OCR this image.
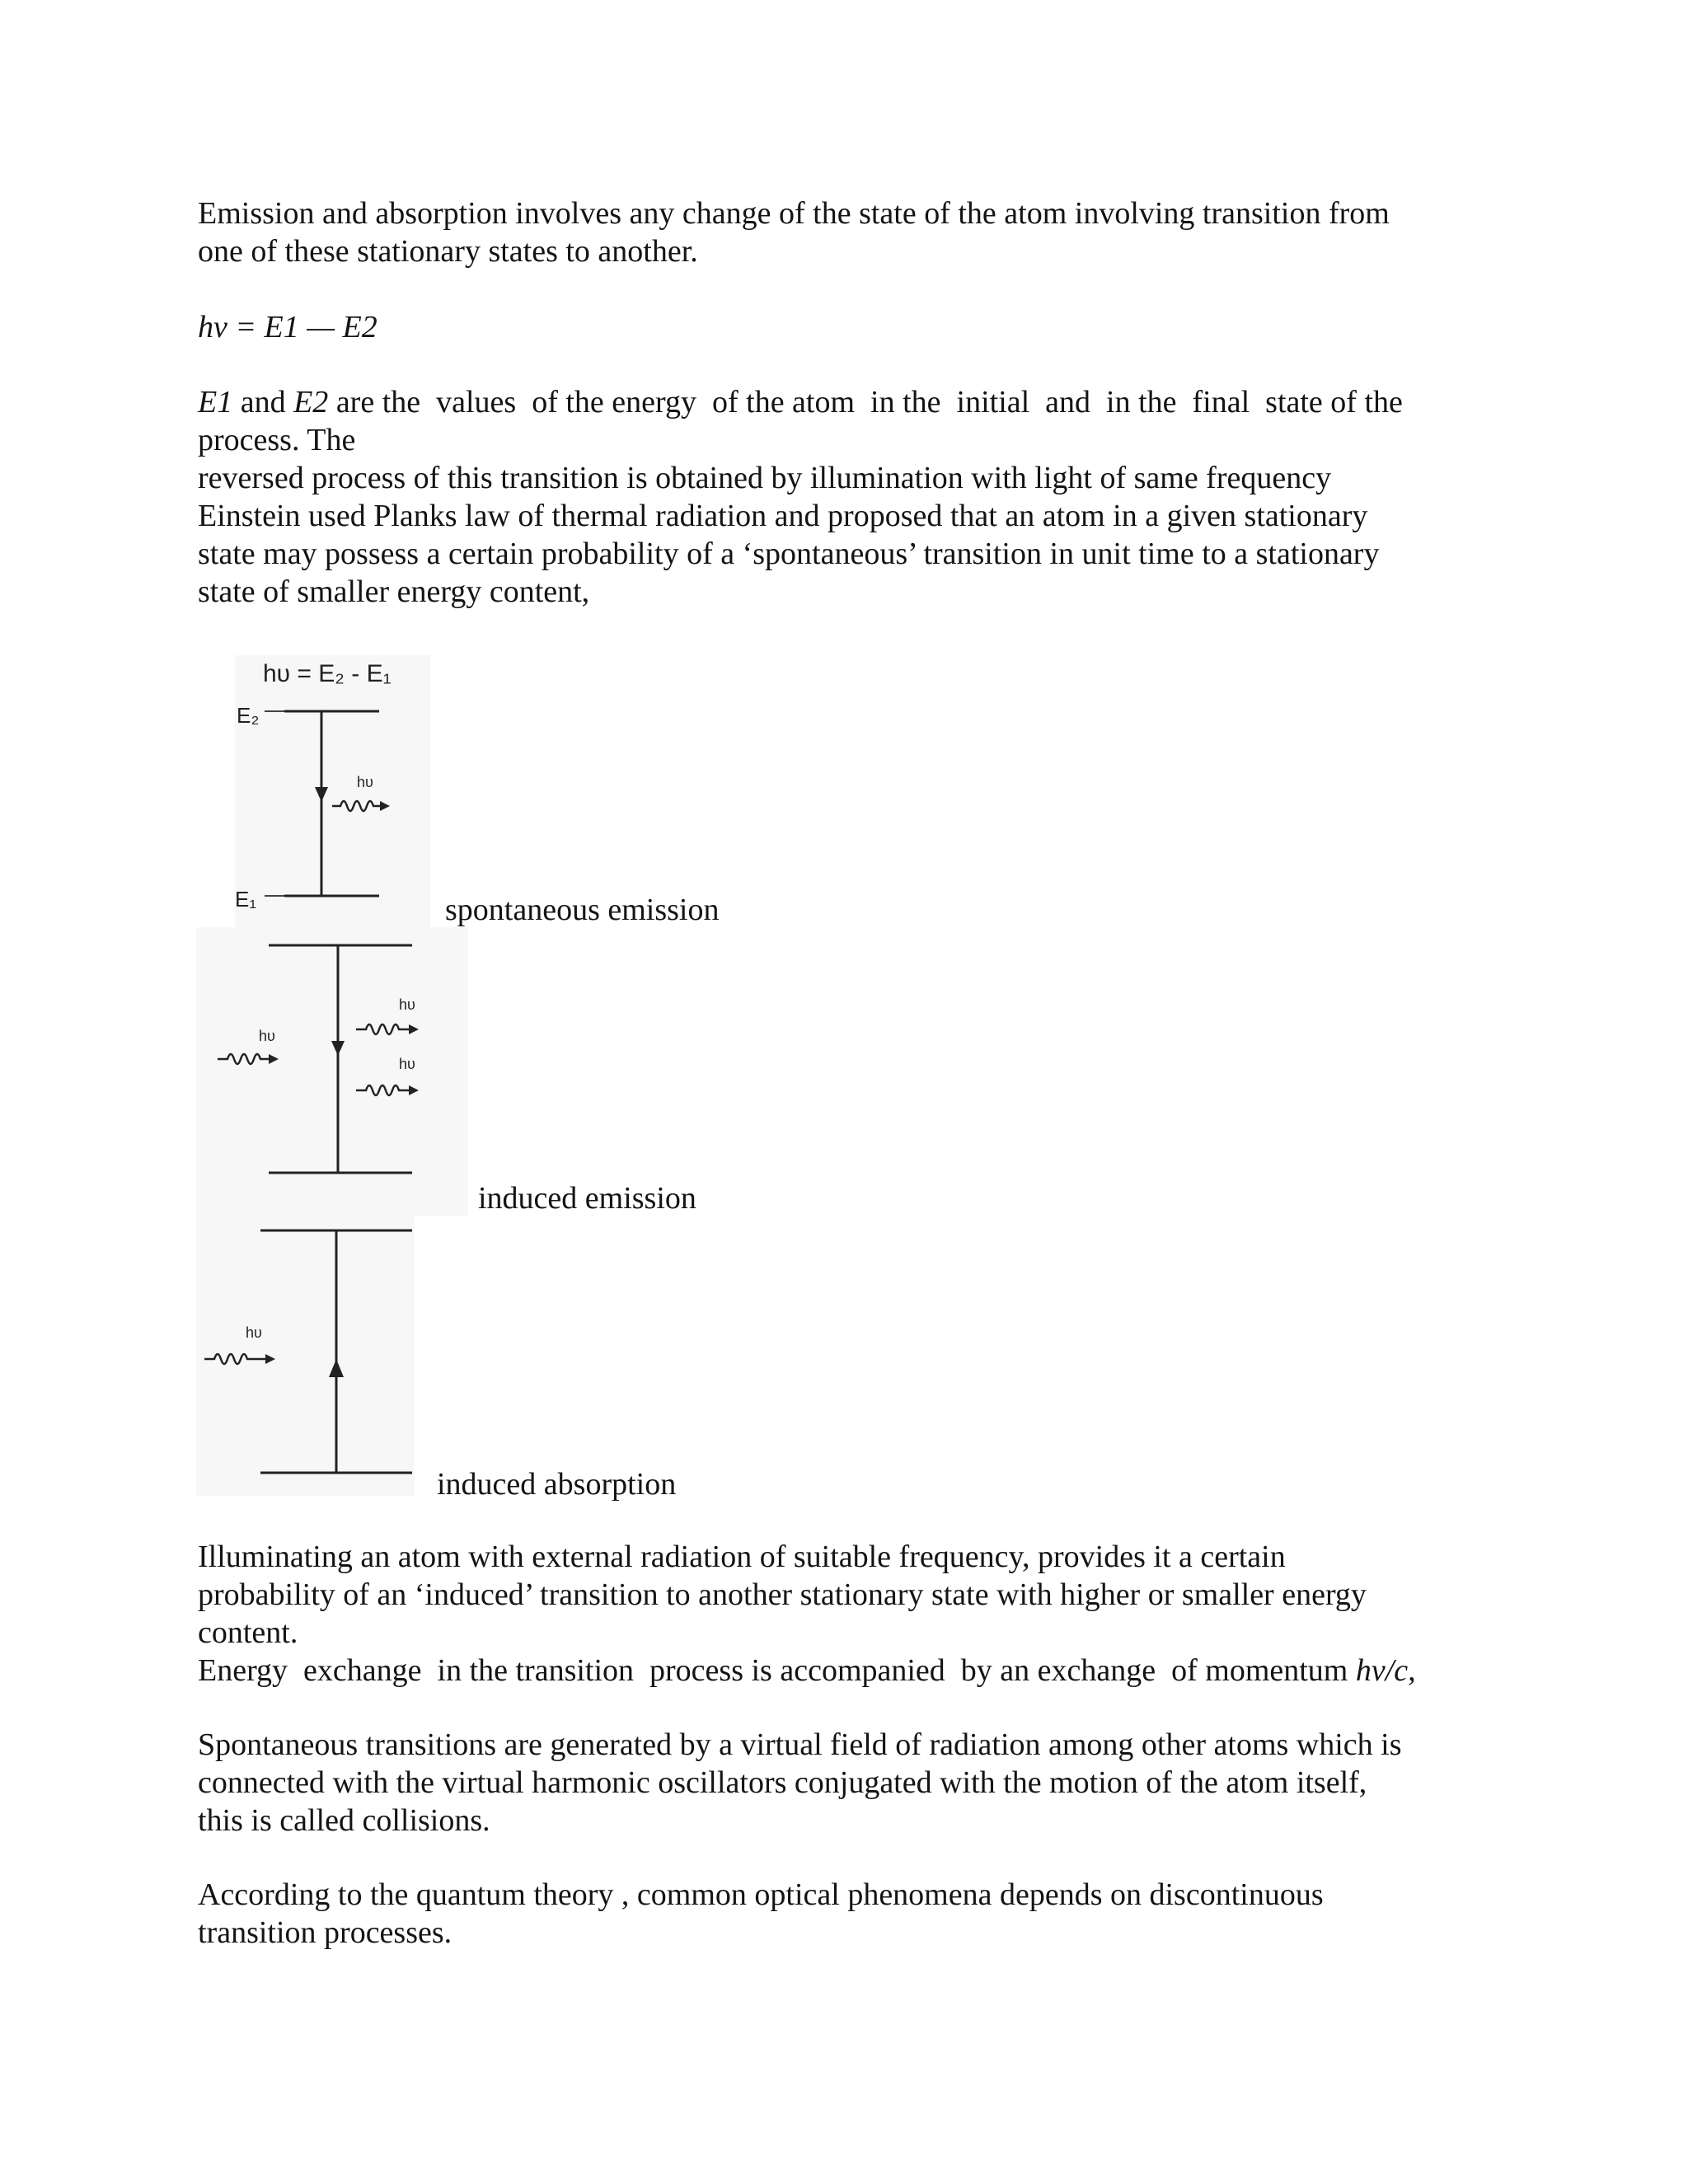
Emission and absorption involves any change of the state of the atom involving transition from
one of these stationary states to another.
hv = E1 — E2
E1 and E2 are the  values  of the energy  of the atom  in the  initial  and  in the  final  state of the
process. The
reversed process of this transition is obtained by illumination with light of same frequency
Einstein used Planks law of thermal radiation and proposed that an atom in a given stationary
state may possess a certain probability of a ‘spontaneous’ transition in unit time to a stationary
state of smaller energy content,
hυ = E₂ - E₁
E₂
hυ
E₁	spontaneous emission
hυ
hυ
hυ
induced emission
hυ
induced absorption
Illuminating an atom with external radiation of suitable frequency, provides it a certain
probability of an ‘induced’ transition to another stationary state with higher or smaller energy
content.
Energy  exchange  in the transition  process is accompanied  by an exchange  of momentum hv/c,
Spontaneous transitions are generated by a virtual field of radiation among other atoms which is
connected with the virtual harmonic oscillators conjugated with the motion of the atom itself,
this is called collisions.
According to the quantum theory , common optical phenomena depends on discontinuous
transition processes.
